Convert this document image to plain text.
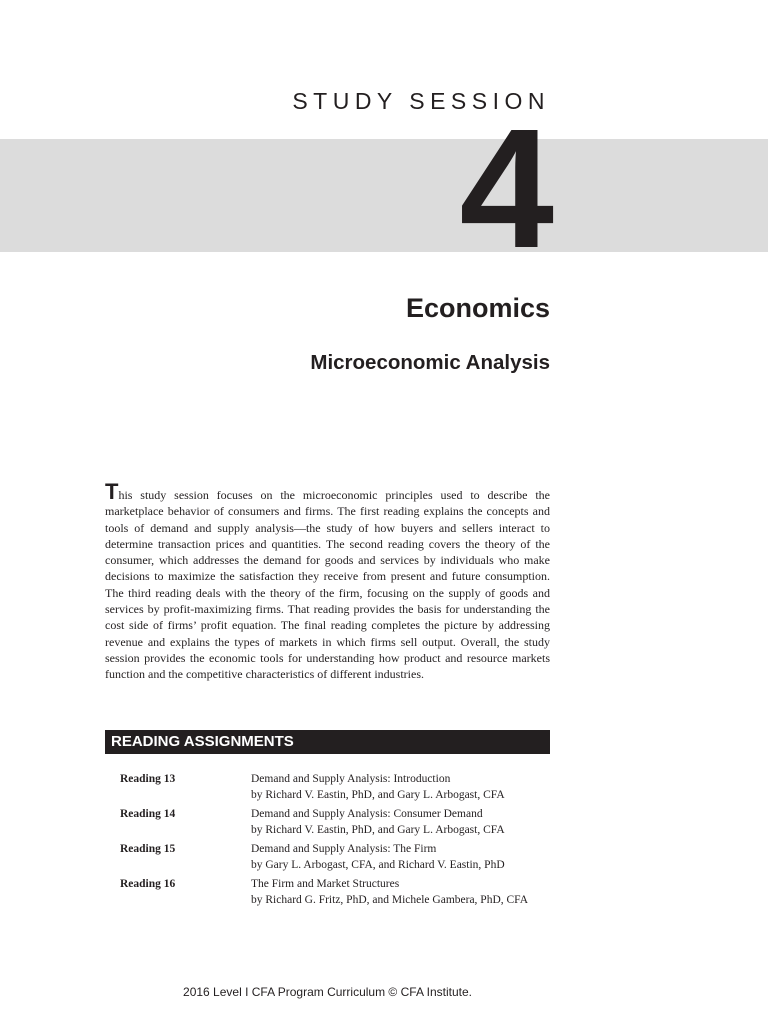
STUDY SESSION
4
Economics
Microeconomic Analysis

This study session focuses on the microeconomic principles used to describe the marketplace behavior of consumers and firms. The first reading explains the concepts and tools of demand and supply analysis—the study of how buyers and sellers interact to determine transaction prices and quantities. The second reading covers the theory of the consumer, which addresses the demand for goods and services by individuals who make decisions to maximize the satisfaction they receive from present and future consumption. The third reading deals with the theory of the firm, focusing on the supply of goods and services by profit-maximizing firms. That reading provides the basis for understanding the cost side of firms’ profit equation. The final reading completes the picture by addressing revenue and explains the types of markets in which firms sell output. Overall, the study session provides the economic tools for understanding how product and resource markets function and the competitive characteristics of different industries.

READING ASSIGNMENTS
Reading 13	Demand and Supply Analysis: Introduction
by Richard V. Eastin, PhD, and Gary L. Arbogast, CFA
Reading 14	Demand and Supply Analysis: Consumer Demand
by Richard V. Eastin, PhD, and Gary L. Arbogast, CFA
Reading 15	Demand and Supply Analysis: The Firm
by Gary L. Arbogast, CFA, and Richard V. Eastin, PhD
Reading 16	The Firm and Market Structures
by Richard G. Fritz, PhD, and Michele Gambera, PhD, CFA
2016 Level I CFA Program Curriculum © CFA Institute.
